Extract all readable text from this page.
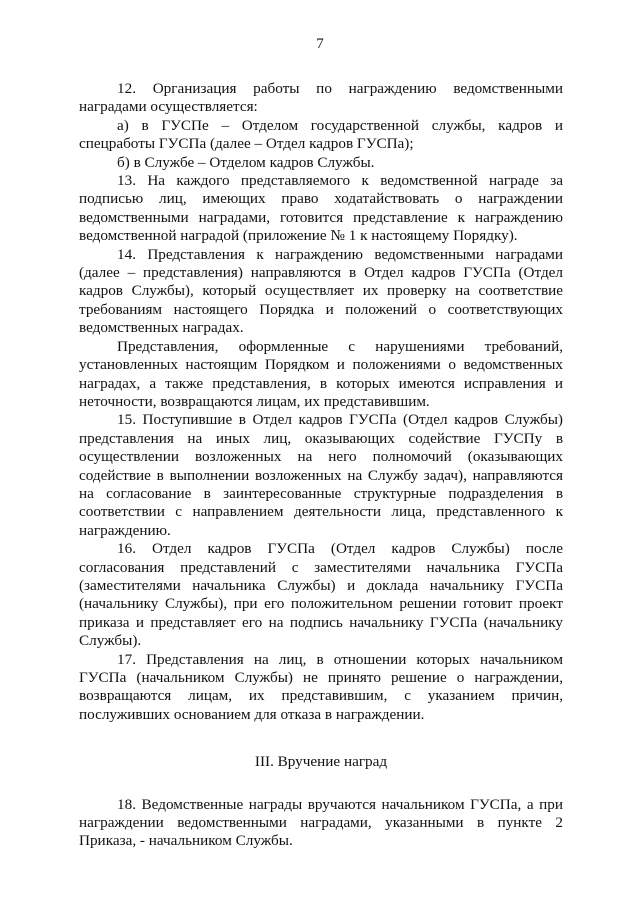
7

12. Организация работы по награждению ведомственными наградами осуществляется:

а) в ГУСПе – Отделом государственной службы, кадров и спецработы ГУСПа (далее – Отдел кадров ГУСПа);

б) в Службе – Отделом кадров Службы.

13. На каждого представляемого к ведомственной награде за подписью лиц, имеющих право ходатайствовать о награждении ведомственными наградами, готовится представление к награждению ведомственной наградой (приложение № 1 к настоящему Порядку).

14. Представления к награждению ведомственными наградами (далее – представления) направляются в Отдел кадров ГУСПа (Отдел кадров Службы), который осуществляет их проверку на соответствие требованиям настоящего Порядка и положений о соответствующих ведомственных наградах.

Представления, оформленные с нарушениями требований, установленных настоящим Порядком и положениями о ведомственных наградах, а также представления, в которых имеются исправления и неточности, возвращаются лицам, их представившим.

15. Поступившие в Отдел кадров ГУСПа (Отдел кадров Службы) представления на иных лиц, оказывающих содействие ГУСПу в осуществлении возложенных на него полномочий (оказывающих содействие в выполнении возложенных на Службу задач), направляются на согласование в заинтересованные структурные подразделения в соответствии с направлением деятельности лица, представленного к награждению.

16. Отдел кадров ГУСПа (Отдел кадров Службы) после согласования представлений с заместителями начальника ГУСПа (заместителями начальника Службы) и доклада начальнику ГУСПа (начальнику Службы), при его положительном решении готовит проект приказа и представляет его на подпись начальнику ГУСПа (начальнику Службы).

17. Представления на лиц, в отношении которых начальником ГУСПа (начальником Службы) не принято решение о награждении, возвращаются лицам, их представившим, с указанием причин, послуживших основанием для отказа в награждении.

III. Вручение наград

18. Ведомственные награды вручаются начальником ГУСПа, а при награждении ведомственными наградами, указанными в пункте 2 Приказа, - начальником Службы.
